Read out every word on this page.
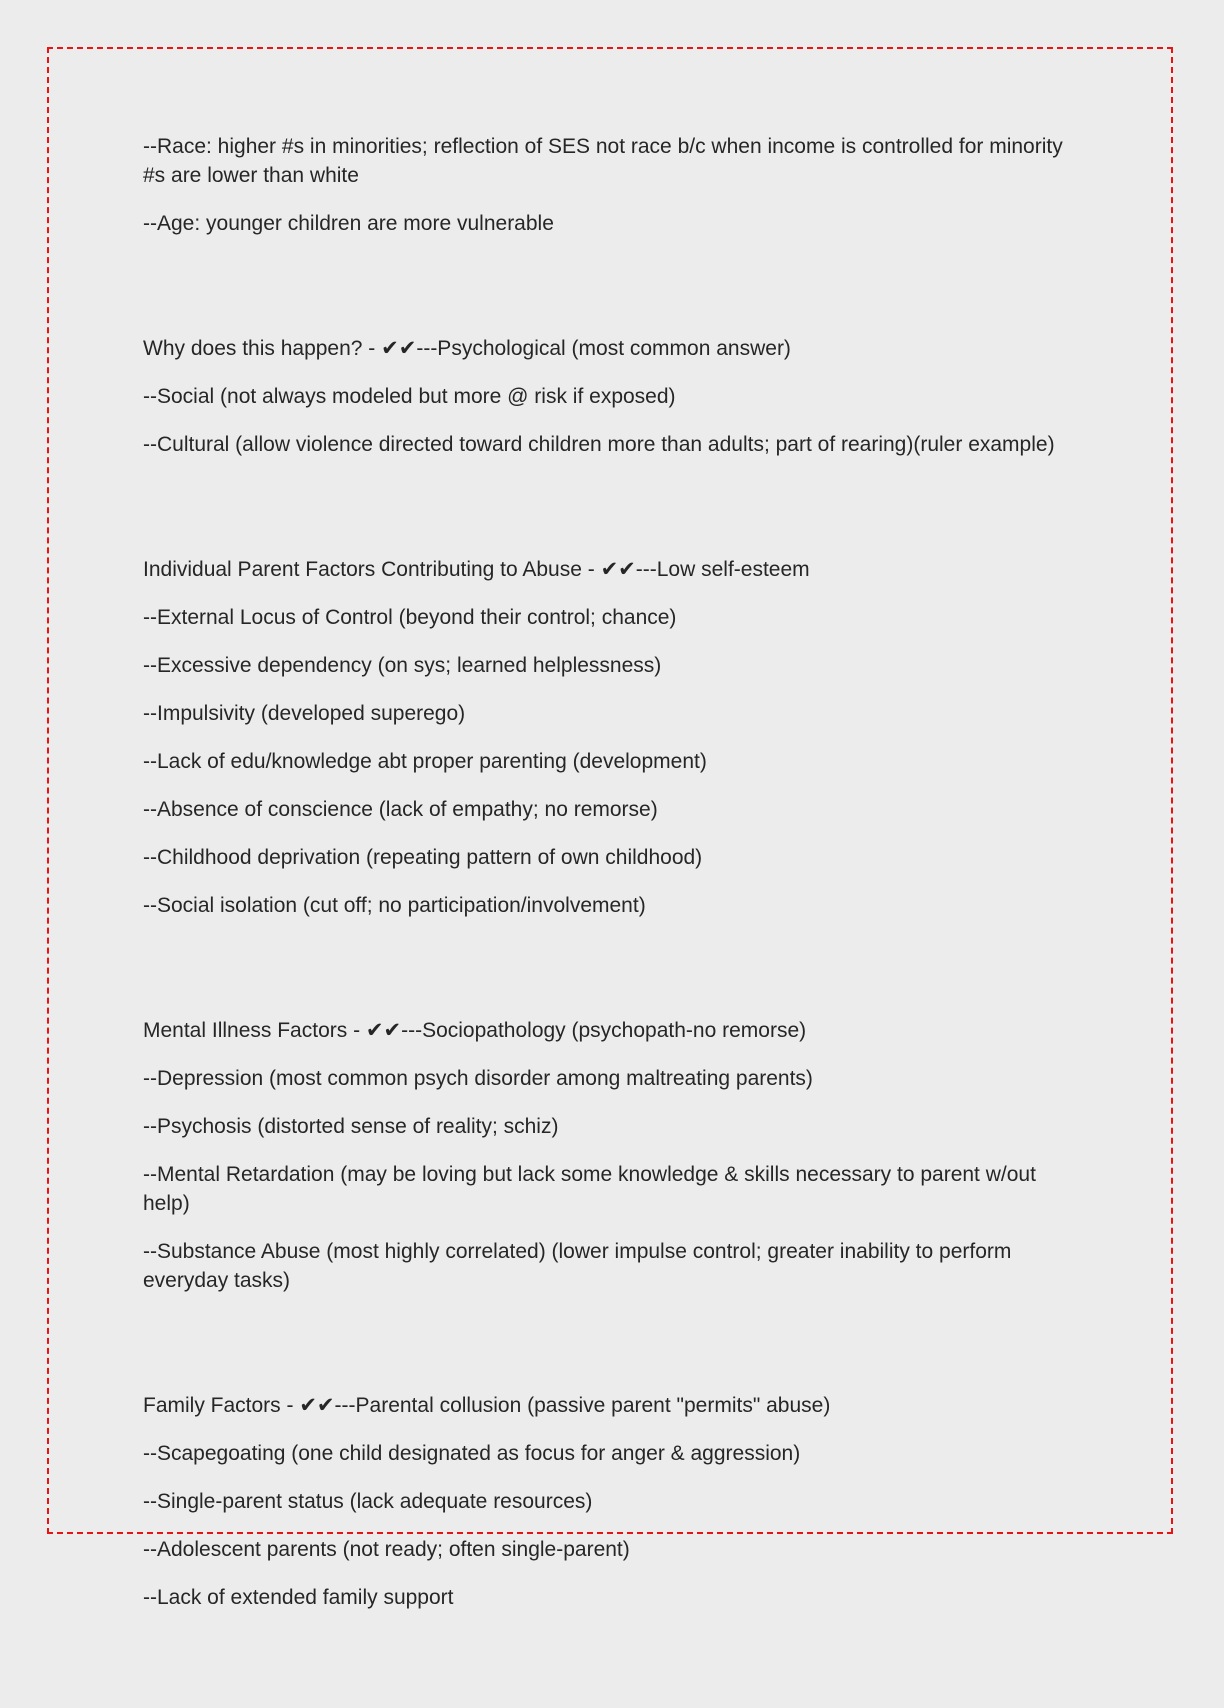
--Race: higher #s in minorities; reflection of SES not race b/c when income is controlled for minority #s are lower than white

--Age: younger children are more vulnerable

Why does this happen? - ✔✔---Psychological (most common answer)

--Social (not always modeled but more @ risk if exposed)

--Cultural (allow violence directed toward children more than adults; part of rearing)(ruler example)

Individual Parent Factors Contributing to Abuse - ✔✔---Low self-esteem

--External Locus of Control (beyond their control; chance)

--Excessive dependency (on sys; learned helplessness)

--Impulsivity (developed superego)

--Lack of edu/knowledge abt proper parenting (development)

--Absence of conscience (lack of empathy; no remorse)

--Childhood deprivation (repeating pattern of own childhood)

--Social isolation (cut off; no participation/involvement)

Mental Illness Factors - ✔✔---Sociopathology (psychopath-no remorse)

--Depression (most common psych disorder among maltreating parents)

--Psychosis (distorted sense of reality; schiz)

--Mental Retardation (may be loving but lack some knowledge & skills necessary to parent w/out help)

--Substance Abuse (most highly correlated) (lower impulse control; greater inability to perform everyday tasks)

Family Factors - ✔✔---Parental collusion (passive parent "permits" abuse)

--Scapegoating (one child designated as focus for anger & aggression)

--Single-parent status (lack adequate resources)

--Adolescent parents (not ready; often single-parent)

--Lack of extended family support
